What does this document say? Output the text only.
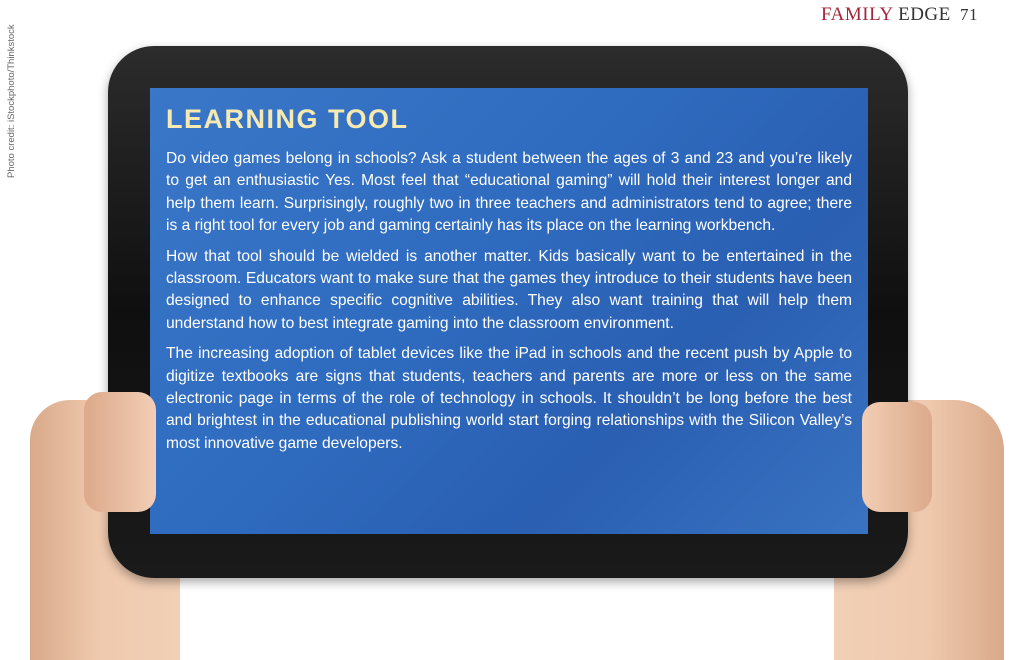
FAMILY EDGE 71
Photo credit: iStockphoto/Thinkstock	LEARNING TOOL

Do video games belong in schools? Ask a student between the ages of 3 and 23 and you’re likely to get an enthusiastic Yes. Most feel that “educational gaming” will hold their interest longer and help them learn. Surprisingly, roughly two in three teachers and administrators tend to agree; there is a right tool for every job and gaming certainly has its place on the learning workbench.

How that tool should be wielded is another matter. Kids basically want to be entertained in the classroom. Educators want to make sure that the games they introduce to their students have been designed to enhance specific cognitive abilities. They also want training that will help them understand how to best integrate gaming into the classroom environment.

The increasing adoption of tablet devices like the iPad in schools and the recent push by Apple to digitize textbooks are signs that students, teachers and parents are more or less on the same electronic page in terms of the role of technology in schools. It shouldn’t be long before the best and brightest in the educational publishing world start forging relationships with the Silicon Valley’s most innovative game developers.
